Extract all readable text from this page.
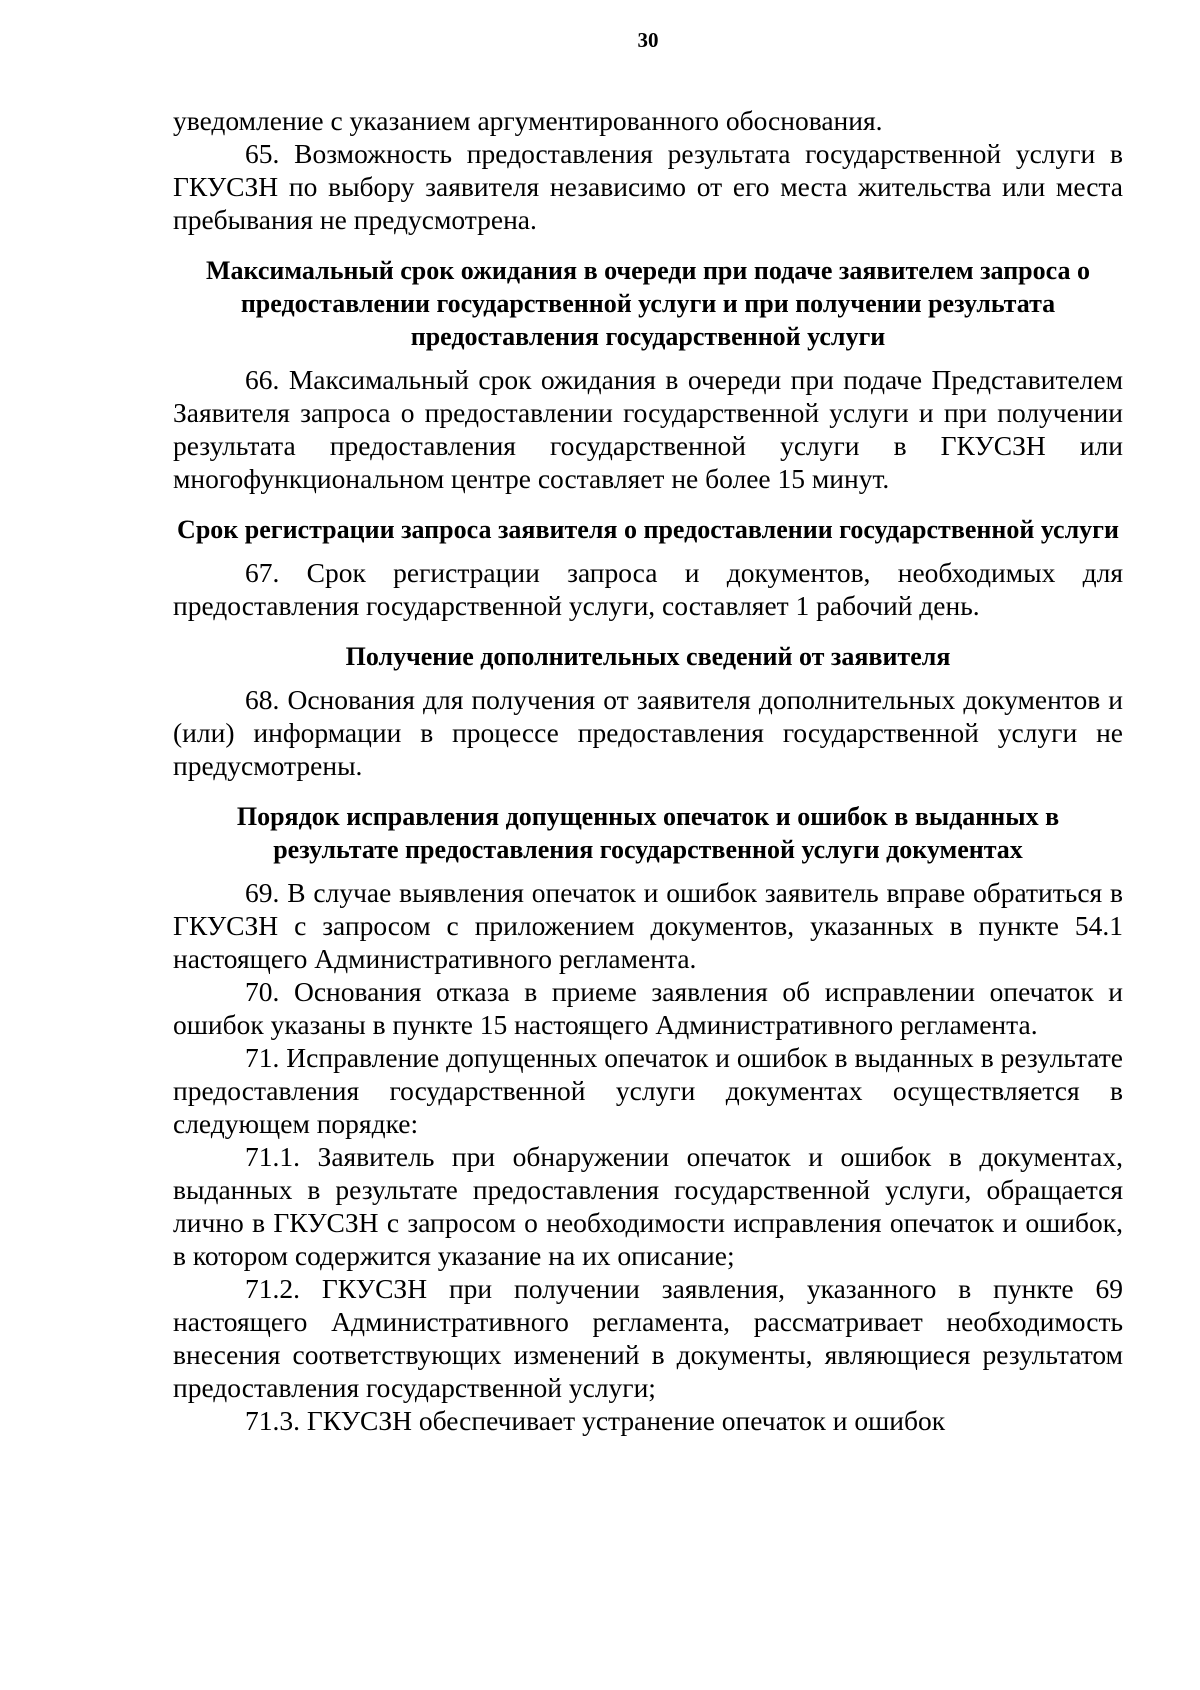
30

уведомление с указанием аргументированного обоснования.

65. Возможность предоставления результата государственной услуги в ГКУСЗН по выбору заявителя независимо от его места жительства или места пребывания не предусмотрена.

Максимальный срок ожидания в очереди при подаче заявителем запроса о предоставлении государственной услуги и при получении результата предоставления государственной услуги

66. Максимальный срок ожидания в очереди при подаче Представителем Заявителя запроса о предоставлении государственной услуги и при получении результата предоставления государственной услуги в ГКУСЗН или многофункциональном центре составляет не более 15 минут.

Срок регистрации запроса заявителя о предоставлении государственной услуги

67. Срок регистрации запроса и документов, необходимых для предоставления государственной услуги, составляет 1 рабочий день.

Получение дополнительных сведений от заявителя

68. Основания для получения от заявителя дополнительных документов и (или) информации в процессе предоставления государственной услуги не предусмотрены.

Порядок исправления допущенных опечаток и ошибок в выданных в результате предоставления государственной услуги документах

69. В случае выявления опечаток и ошибок заявитель вправе обратиться в ГКУСЗН с запросом с приложением документов, указанных в пункте 54.1 настоящего Административного регламента.

70. Основания отказа в приеме заявления об исправлении опечаток и ошибок указаны в пункте 15 настоящего Административного регламента.

71. Исправление допущенных опечаток и ошибок в выданных в результате предоставления государственной услуги документах осуществляется в следующем порядке:

71.1. Заявитель при обнаружении опечаток и ошибок в документах, выданных в результате предоставления государственной услуги, обращается лично в ГКУСЗН с запросом о необходимости исправления опечаток и ошибок, в котором содержится указание на их описание;

71.2. ГКУСЗН при получении заявления, указанного в пункте 69 настоящего Административного регламента, рассматривает необходимость внесения соответствующих изменений в документы, являющиеся результатом предоставления государственной услуги;

71.3. ГКУСЗН обеспечивает устранение опечаток и ошибок
